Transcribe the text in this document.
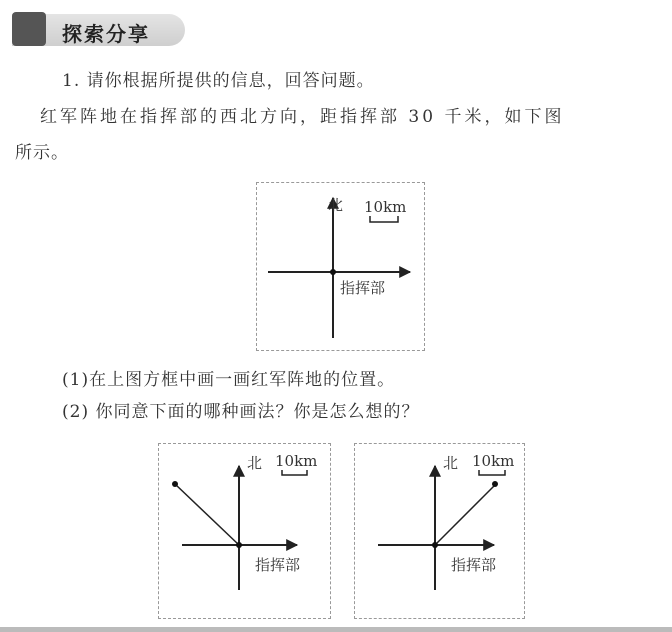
探索分享
1. 请你根据所提供的信息，回答问题。
红军阵地在指挥部的西北方向，距指挥部 30 千米，如下图
所示。
(1)在上图方框中画一画红军阵地的位置。
(2) 你同意下面的哪种画法？你是怎么想的？
北 10km
指挥部
北 10km
指挥部
北 10km
指挥部
